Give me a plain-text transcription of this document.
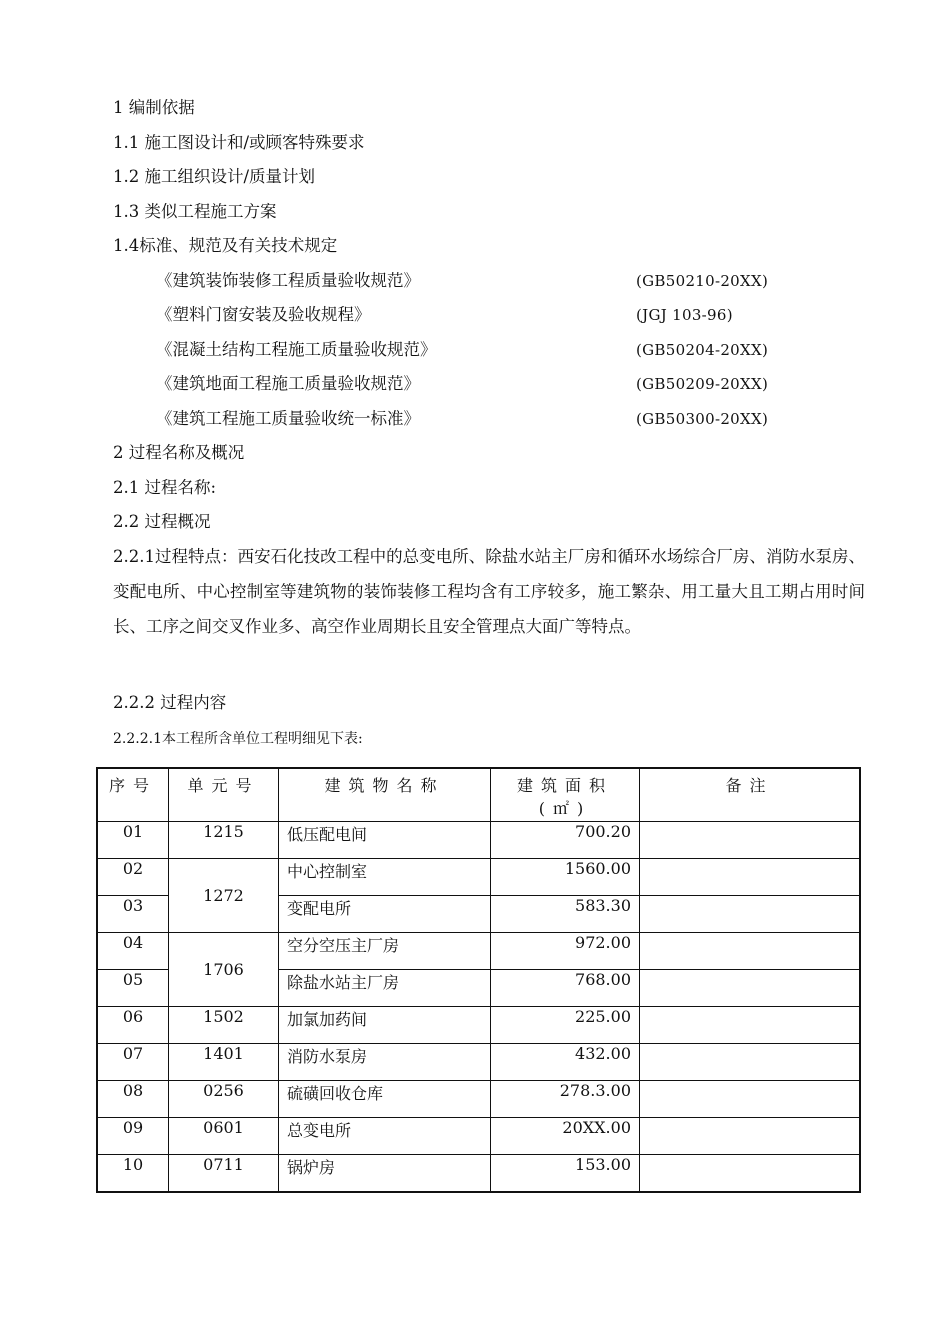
1 编制依据
1.1 施工图设计和/或顾客特殊要求
1.2 施工组织设计/质量计划
1.3 类似工程施工方案
1.4标准、规范及有关技术规定
《建筑装饰装修工程质量验收规范》	(GB50210-20XX)
《塑料门窗安装及验收规程》	(JGJ 103-96)
《混凝土结构工程施工质量验收规范》	(GB50204-20XX)
《建筑地面工程施工质量验收规范》	(GB50209-20XX)
《建筑工程施工质量验收统一标准》	(GB50300-20XX)
2 过程名称及概况
2.1 过程名称:
2.2 过程概况
2.2.1过程特点：西安石化技改工程中的总变电所、除盐水站主厂房和循环水场综合厂房、消防水泵房、变配电所、中心控制室等建筑物的装饰装修工程均含有工序较多，施工繁杂、用工量大且工期占用时间长、工序之间交叉作业多、高空作业周期长且安全管理点大面广等特点。
2.2.2 过程内容
2.2.2.1本工程所含单位工程明细见下表:
序号	单元号	建筑物名称	建筑面积(㎡)	备注
01	1215	低压配电间	700.20	
02	1272	中心控制室	1560.00	
03		变配电所	583.30	
04	1706	空分空压主厂房	972.00	
05		除盐水站主厂房	768.00	
06	1502	加氯加药间	225.00	
07	1401	消防水泵房	432.00	
08	0256	硫磺回收仓库	278.3.00	
09	0601	总变电所	20XX.00	
10	0711	锅炉房	153.00	
